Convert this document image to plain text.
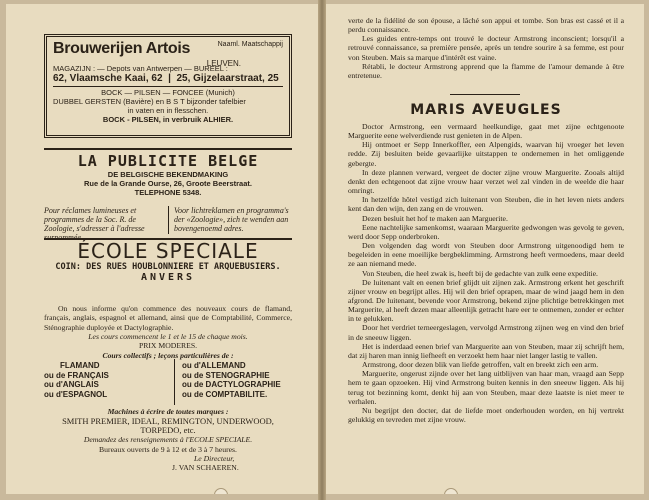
Brouwerijen Artois	Naaml. Maatschappij
LEUVEN.
MAGAZIJN : — Depots van Antwerpen — BUREEL :
62, Vlaamsche Kaai, 62  |  25, Gijzelaarstraat, 25
BOCK — PILSEN — FONCEE (Munich)
DUBBEL GERSTEN (Bavière) en B S T bijzonder tafelbier
in vaten en in flesschen.
BOCK - PILSEN, in verbruik ALHIER.
LA PUBLICITE BELGE
DE BELGISCHE BEKENDMAKING
Rue de la Grande Ourse, 26, Groote Beerstraat.
TELEPHONE 5348.
Pour réclames lumineuses et programmes de la Soc. R. de Zoologie, s'adresser à l'adresse surnommée.
Voor lichtreklamen en programma's der «Zoologie», zich te wenden aan bovengenoemd adres.
ÉCOLE SPECIALE
COIN: DES RUES HOUBLONNIERE ET ARQUEBUSIERS.
ANVERS

On nous informe qu'on commence des nouveaux cours de flamand, français, anglais, espagnol et allemand, ainsi que de Comptabilité, Commerce, Sténographie duployée et Dactylographie.

Les cours commencent le 1 et le 15 de chaque mois.

PRIX MODERES.

Cours collectifs ; leçons particulières de :
FLAMAND
ou de FRANÇAIS
ou d'ANGLAIS
ou d'ESPAGNOL
ou d'ALLEMAND
ou de STENOGRAPHIE
ou de DACTYLOGRAPHIE
ou de COMPTABILITE.

Machines à écrire de toutes marques :

SMITH PREMIER, IDEAL, REMINGTON, UNDERWOOD, TORPEDO, etc.

Demandez des renseignements à l'ECOLE SPECIALE.

Bureaux ouverts de 9 à 12 et de 3 à 7 heures.

Le Directeur,

J. VAN SCHAEREN.

verte de la fidélité de son épouse, a lâché son appui et tombe. Son bras est cassé et il a perdu connaissance.

Les guides entre-temps ont trouvé le docteur Armstrong inconscient; lorsqu'il a retrouvé connaissance, sa première pensée, après un tendre sourire à sa femme, est pour von Steuben. Mais sa marque d'intérêt est vaine.

Rétabli, le docteur Armstrong apprend que la flamme de l'amour demande à être entretenue.

MARIS AVEUGLES

Doctor Armstrong, een vermaard heelkundige, gaat met zijne echtgenoote Marguerite eene welverdiende rust genieten in de Alpen.

Hij ontmoet er Sepp Innerkoffler, een Alpengids, waarvan hij vroeger het leven redde. Zij besluiten beide gevaarlijke uitstappen te ondernemen in het omliggende gebergte.

In deze plannen verward, vergeet de docter zijne vrouw Marguerite. Zooals altijd denkt den echtgenoot dat zijne vrouw haar verzet wel zal vinden in de weelde die haar omringt.

In hetzelfde hôtel vestigd zich luitenant von Steuben, die in het leven niets anders kent dan den wijn, den zang en de vrouwen.

Dezen besluit het hof te maken aan Marguerite.

Eene nachtelijke samenkomst, waaraan Marguerite gedwongen was gevolg te geven, werd door Sepp onderbroken.

Den volgenden dag wordt von Steuben door Armstrong uitgenoodigd hem te begeleiden in eene moeilijke bergbeklimming. Armstrong heeft vermoedens, maar deeld ze aan niemand mede.

Von Steuben, die heel zwak is, heeft bij de gedachte van zulk eene expeditie.

De luitenant valt en eenen brief glijdt uit zijnen zak. Armstrong erkent het geschrift zijner vrouw en begrijpt alles. Hij wil den brief oprapen, maar de wind jaagd hem in den afgrond. De luitenant, bevende voor Armstrong, bekend zijne plichtige betrekkingen met Marguerite, al heeft dezen maar alleenlijk getracht hare eer te ontnemen, zonder er echter in te gelukken.

Door het verdriet terneergeslagen, vervolgd Armstrong zijnen weg en vind den brief in de sneeuw liggen.

Het is inderdaad eenen brief van Marguerite aan von Steuben, maar zij schrijft hem, dat zij haren man innig liefheeft en verzoekt hem haar niet langer lastig te vallen.

Armstrong, door dezen blik van liefde getroffen, valt en breekt zich een arm.

Marguerite, ongerust zijnde over het lang uitblijven van haar man, vraagd aan Sepp hem te gaan opzoeken. Hij vind Armstrong buiten kennis in den sneeuw liggen. Als hij terug tot bezinning komt, denkt hij aan von Steuben, maar deze laatste is niet meer te verhalen.

Nu begrijpt den docter, dat de liefde moet onderhouden worden, en hij vertrekt gelukkig en tevreden met zijne vrouw.
